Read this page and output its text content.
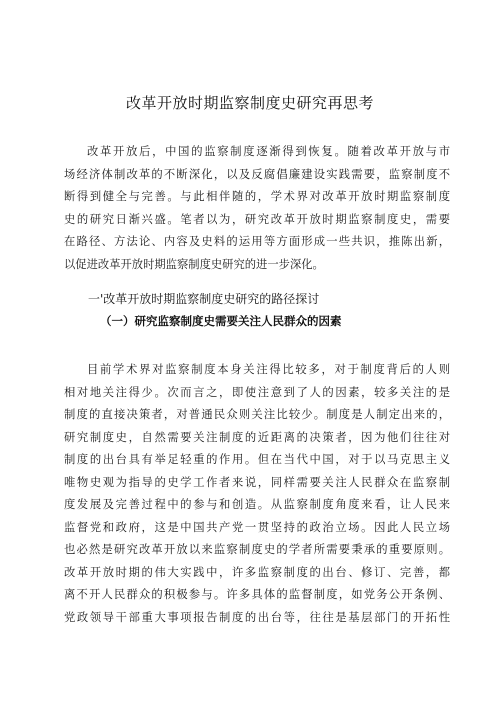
改革开放时期监察制度史研究再思考
改革开放后，中国的监察制度逐渐得到恢复。随着改革开放与市
场经济体制改革的不断深化，以及反腐倡廉建设实践需要，监察制度不
断得到健全与完善。与此相伴随的，学术界对改革开放时期监察制度
史的研究日渐兴盛。笔者以为，研究改革开放时期监察制度史，需要
在路径、方法论、内容及史料的运用等方面形成一些共识，推陈出新，
以促进改革开放时期监察制度史研究的进一步深化。
一'改革开放时期监察制度史研究的路径探讨
（一）研究监察制度史需要关注人民群众的因素
目前学术界对监察制度本身关注得比较多，对于制度背后的人则
相对地关注得少。次而言之，即使注意到了人的因素，较多关注的是
制度的直接决策者，对普通民众则关注比较少。制度是人制定出来的，
研究制度史，自然需要关注制度的近距离的决策者，因为他们往往对
制度的出台具有举足轻重的作用。但在当代中国，对于以马克思主义
唯物史观为指导的史学工作者来说，同样需要关注人民群众在监察制
度发展及完善过程中的参与和创造。从监察制度角度来看，让人民来
监督党和政府，这是中国共产党一贯坚持的政治立场。因此人民立场
也必然是研究改革开放以来监察制度史的学者所需要秉承的重要原则。
改革开放时期的伟大实践中，许多监察制度的出台、修订、完善，都
离不开人民群众的积极参与。许多具体的监督制度，如党务公开条例、
党政领导干部重大事项报告制度的出台等，往往是基层部门的开拓性
